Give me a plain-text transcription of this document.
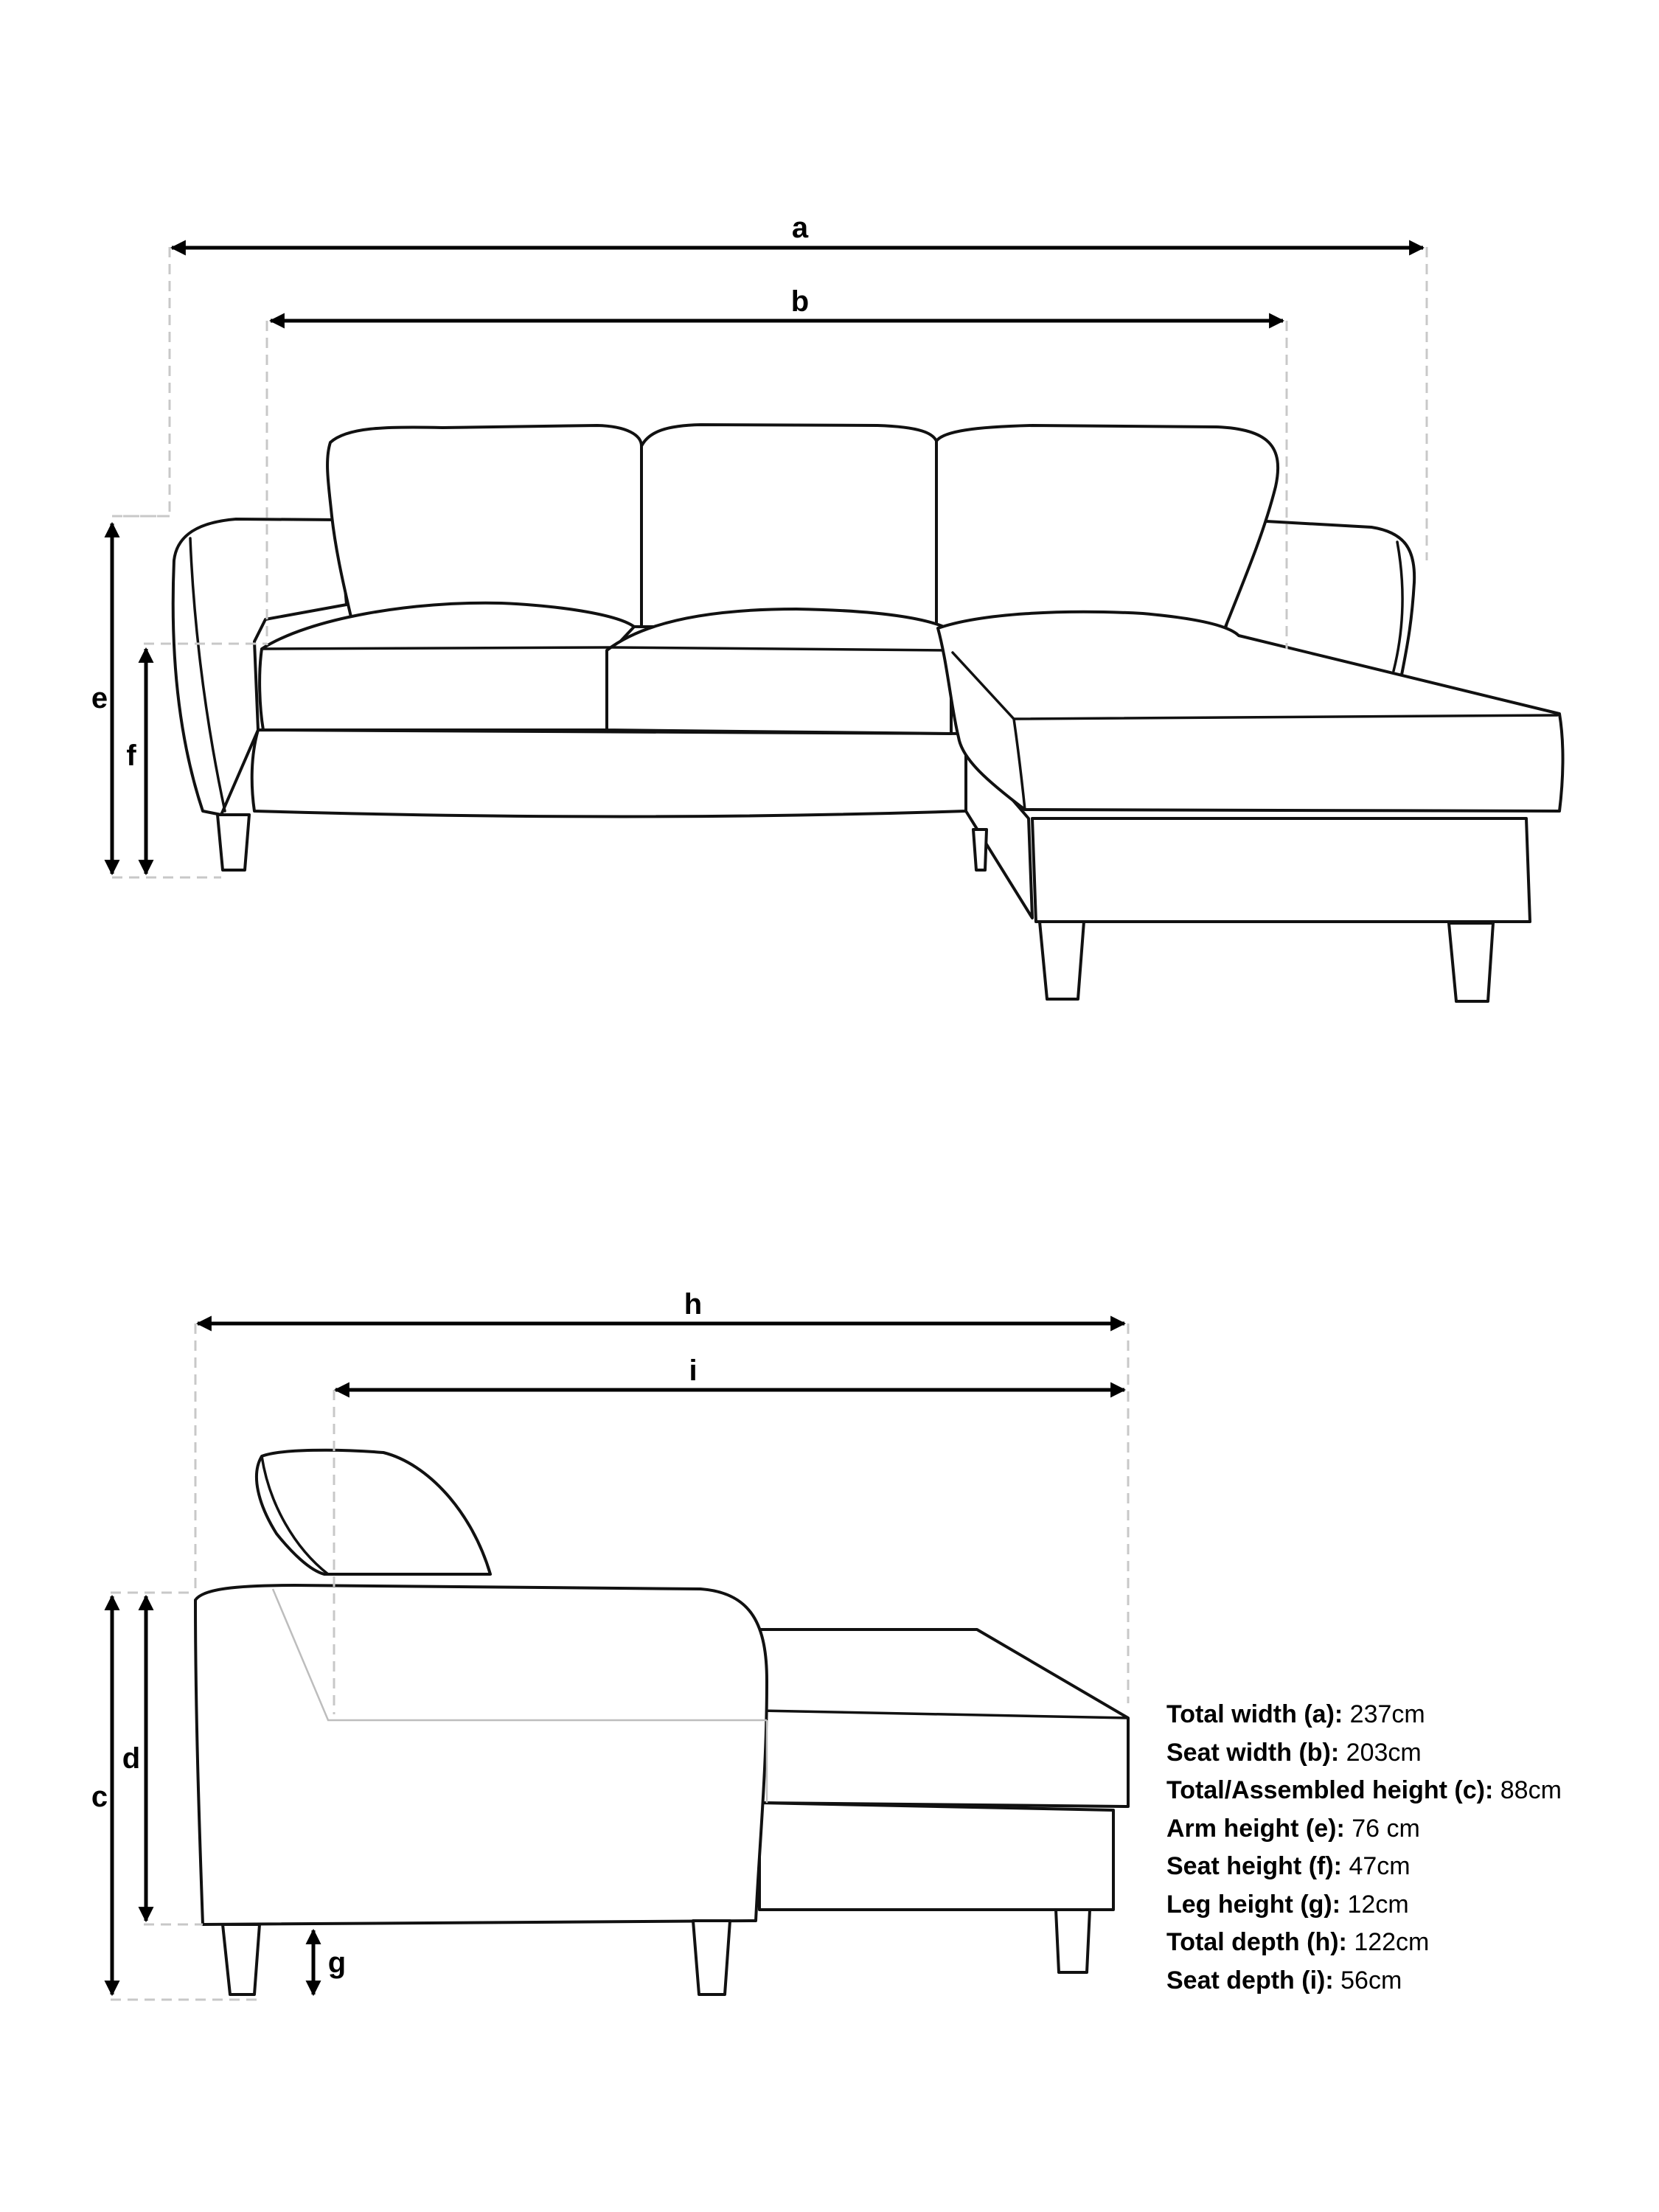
a
b
e
f
h
i
d
c
g
Total width (a): 237cm
Seat width (b): 203cm
Total/Assembled height (c): 88cm
Arm height (e): 76 cm
Seat height (f): 47cm
Leg height (g): 12cm
Total depth (h): 122cm
Seat depth (i): 56cm
